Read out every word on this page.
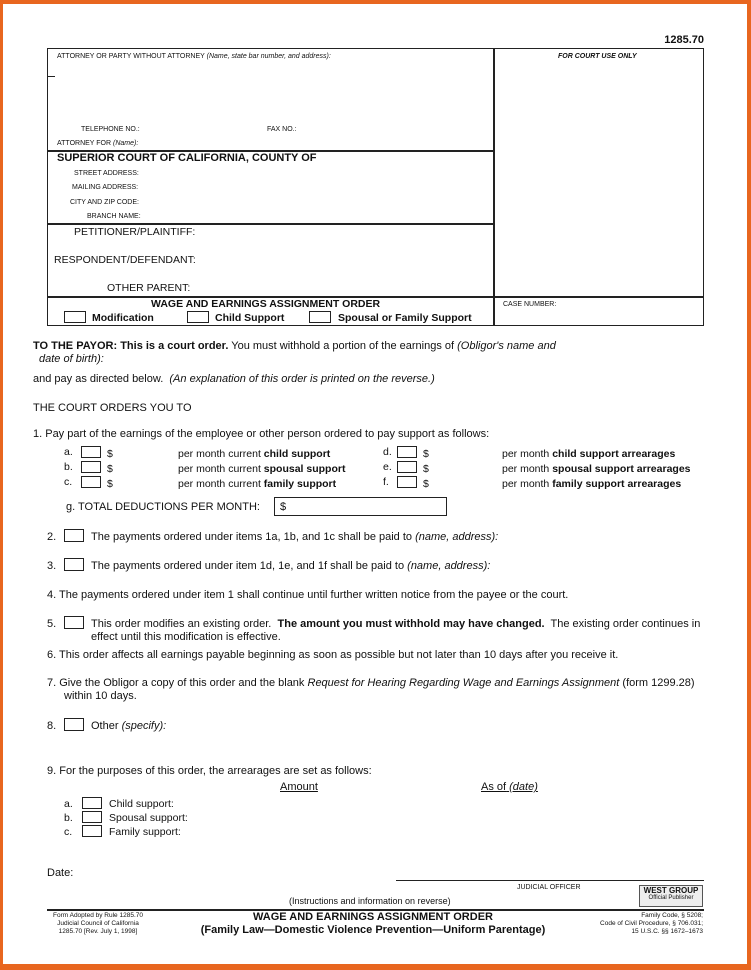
1285.70
ATTORNEY OR PARTY WITHOUT ATTORNEY (Name, state bar number, and address):	FOR COURT USE ONLY
TELEPHONE NO.:	FAX NO.:
ATTORNEY FOR (Name):
SUPERIOR COURT OF CALIFORNIA, COUNTY OF
STREET ADDRESS:
MAILING ADDRESS:
CITY AND ZIP CODE:
BRANCH NAME:
PETITIONER/PLAINTIFF:
RESPONDENT/DEFENDANT:
OTHER PARENT:
WAGE AND EARNINGS ASSIGNMENT ORDER	CASE NUMBER:
Modification	Child Support	Spousal or Family Support
TO THE PAYOR: This is a court order. You must withhold a portion of the earnings of (Obligor's name and
date of birth):
and pay as directed below. (An explanation of this order is printed on the reverse.)
THE COURT ORDERS YOU TO
1. Pay part of the earnings of the employee or other person ordered to pay support as follows:
a.	$	per month current child support
b.	$	per month current spousal support
c.	$	per month current family support
d.	$	per month child support arrearages
e.	$	per month spousal support arrearages
f.	$	per month family support arrearages
g. TOTAL DEDUCTIONS PER MONTH: $
2.	The payments ordered under items 1a, 1b, and 1c shall be paid to (name, address):
3.	The payments ordered under item 1d, 1e, and 1f shall be paid to (name, address):
4. The payments ordered under item 1 shall continue until further written notice from the payee or the court.
5.	This order modifies an existing order. The amount you must withhold may have changed. The existing order continues in
effect until this modification is effective.
6. This order affects all earnings payable beginning as soon as possible but not later than 10 days after you receive it.
7. Give the Obligor a copy of this order and the blank Request for Hearing Regarding Wage and Earnings Assignment (form 1299.28)
within 10 days.
8.	Other (specify):
9. For the purposes of this order, the arrearages are set as follows:
Amount	As of (date)
a.	Child support:
b.	Spousal support:
c.	Family support:
Date:
JUDICIAL OFFICER	WEST GROUP
Official Publisher
(Instructions and information on reverse)
Form Adopted by Rule 1285.70
Judicial Council of California
1285.70 [Rev. July 1, 1998]
WAGE AND EARNINGS ASSIGNMENT ORDER
(Family Law—Domestic Violence Prevention—Uniform Parentage)
Family Code, § 5208;
Code of Civil Procedure, § 706.031;
15 U.S.C. §§ 1672–1673
